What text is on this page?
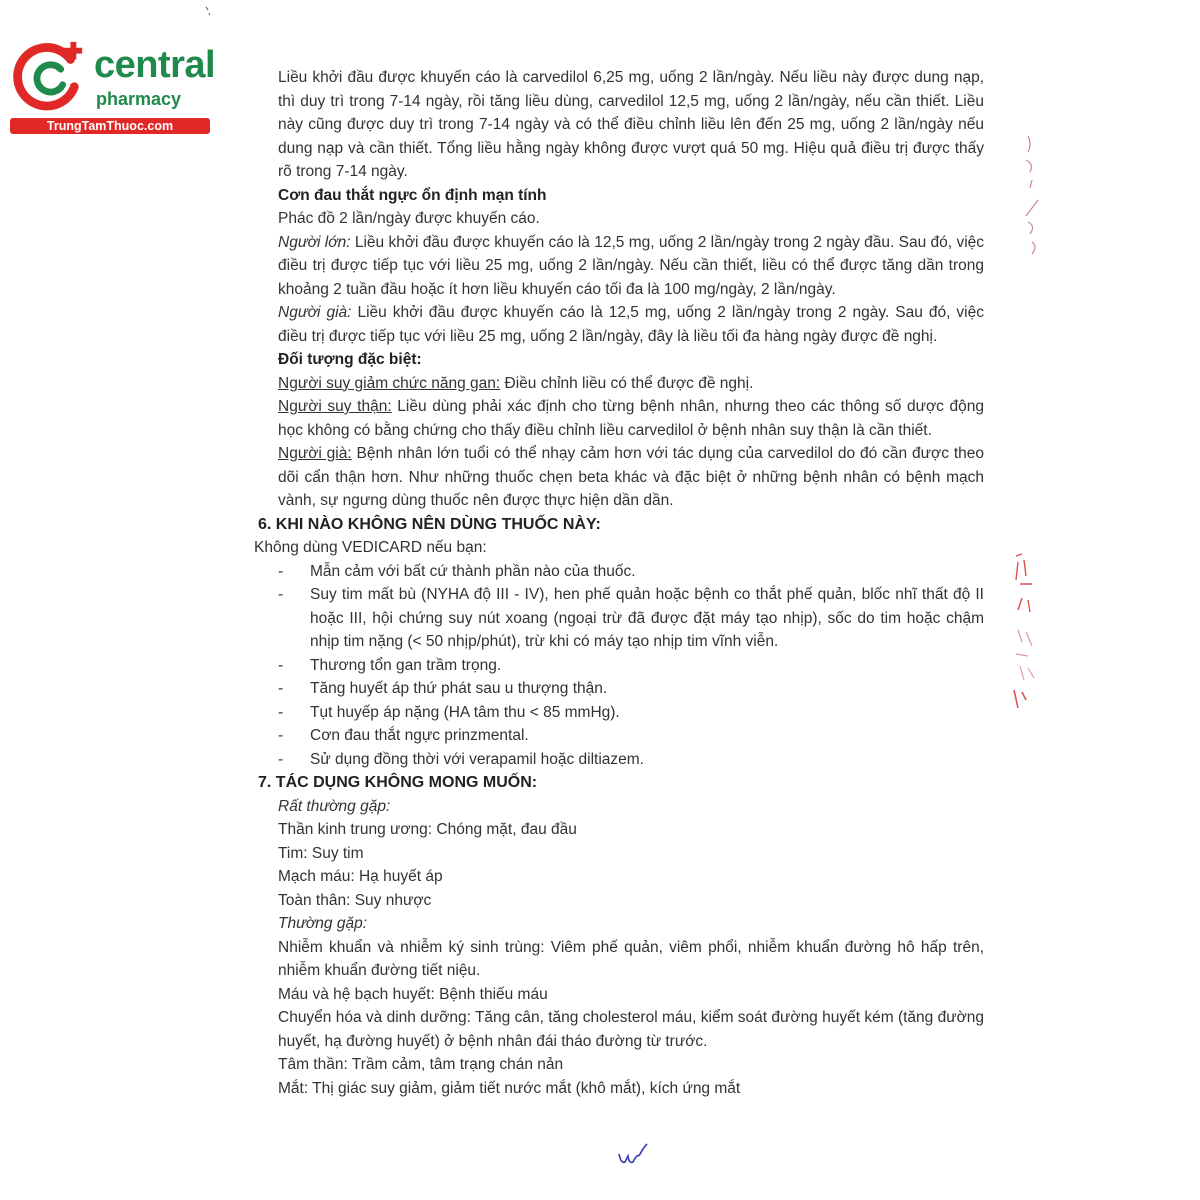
central
pharmacy
TrungTamThuoc.com

Liều khởi đầu được khuyến cáo là carvedilol 6,25 mg, uống 2 lần/ngày. Nếu liều này được dung nạp, thì duy trì trong 7-14 ngày, rồi tăng liều dùng, carvedilol 12,5 mg, uống 2 lần/ngày, nếu cần thiết. Liều này cũng được duy trì trong 7-14 ngày và có thể điều chỉnh liều lên đến 25 mg, uống 2 lần/ngày nếu dung nạp và cần thiết. Tổng liều hằng ngày không được vượt quá 50 mg. Hiệu quả điều trị được thấy rõ trong 7-14 ngày.

Cơn đau thắt ngực ổn định mạn tính

Phác đồ 2 lần/ngày được khuyến cáo.

Người lớn: Liều khởi đầu được khuyến cáo là 12,5 mg, uống 2 lần/ngày trong 2 ngày đầu. Sau đó, việc điều trị được tiếp tục với liều 25 mg, uống 2 lần/ngày. Nếu cần thiết, liều có thể được tăng dần trong khoảng 2 tuần đầu hoặc ít hơn liều khuyến cáo tối đa là 100 mg/ngày, 2 lần/ngày.

Người già: Liều khởi đầu được khuyến cáo là 12,5 mg, uống 2 lần/ngày trong 2 ngày. Sau đó, việc điều trị được tiếp tục với liều 25 mg, uống 2 lần/ngày, đây là liều tối đa hàng ngày được đề nghị.

Đối tượng đặc biệt:

Người suy giảm chức năng gan: Điều chỉnh liều có thể được đề nghị.

Người suy thận: Liều dùng phải xác định cho từng bệnh nhân, nhưng theo các thông số dược động học không có bằng chứng cho thấy điều chỉnh liều carvedilol ở bệnh nhân suy thận là cần thiết.

Người già: Bệnh nhân lớn tuổi có thể nhạy cảm hơn với tác dụng của carvedilol do đó cần được theo dõi cẩn thận hơn. Như những thuốc chẹn beta khác và đặc biệt ở những bệnh nhân có bệnh mạch vành, sự ngưng dùng thuốc nên được thực hiện dần dần.

6. KHI NÀO KHÔNG NÊN DÙNG THUỐC NÀY:

Không dùng VEDICARD nếu bạn:

- Mẫn cảm với bất cứ thành phần nào của thuốc.
- Suy tim mất bù (NYHA độ III - IV), hen phế quản hoặc bệnh co thắt phế quản, blốc nhĩ thất độ II hoặc III, hội chứng suy nút xoang (ngoại trừ đã được đặt máy tạo nhịp), sốc do tim hoặc chậm nhịp tim nặng (< 50 nhịp/phút), trừ khi có máy tạo nhịp tim vĩnh viễn.
- Thương tổn gan trầm trọng.
- Tăng huyết áp thứ phát sau u thượng thận.
- Tụt huyếp áp nặng (HA tâm thu < 85 mmHg).
- Cơn đau thắt ngực prinzmental.
- Sử dụng đồng thời với verapamil hoặc diltiazem.

7. TÁC DỤNG KHÔNG MONG MUỐN:

Rất thường gặp:

Thần kinh trung ương: Chóng mặt, đau đầu

Tim: Suy tim

Mạch máu: Hạ huyết áp

Toàn thân: Suy nhược

Thường gặp:

Nhiễm khuẩn và nhiễm ký sinh trùng: Viêm phế quản, viêm phổi, nhiễm khuẩn đường hô hấp trên, nhiễm khuẩn đường tiết niệu.

Máu và hệ bạch huyết: Bệnh thiếu máu

Chuyển hóa và dinh dưỡng: Tăng cân, tăng cholesterol máu, kiểm soát đường huyết kém (tăng đường huyết, hạ đường huyết) ở bệnh nhân đái tháo đường từ trước.

Tâm thần: Trầm cảm, tâm trạng chán nản

Mắt: Thị giác suy giảm, giảm tiết nước mắt (khô mắt), kích ứng mắt
